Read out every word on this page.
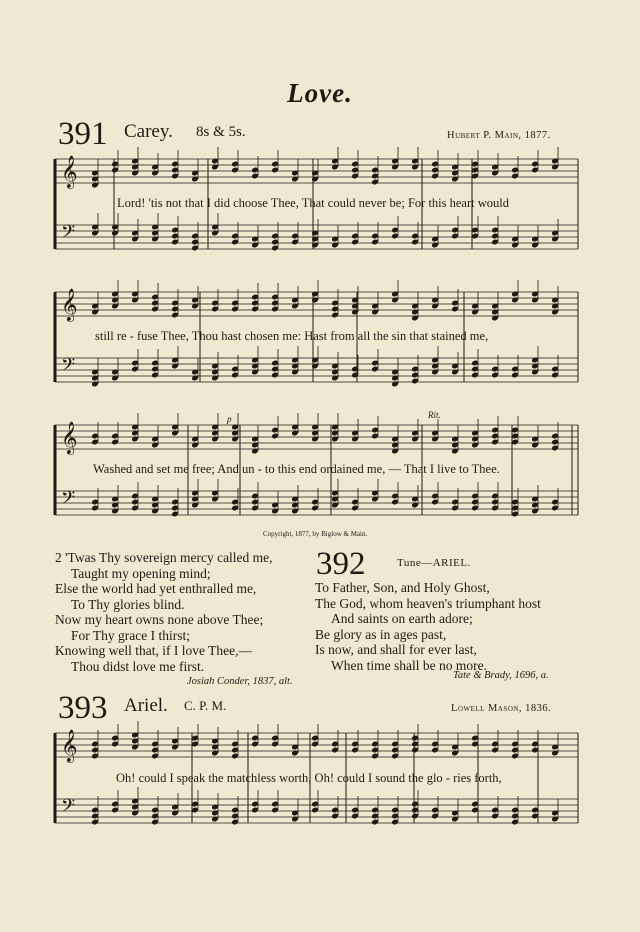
𝄞
𝄢
𝄞
𝄢
𝄞
𝄢
𝄞
𝄢
Love.
391 Carey. 8s & 5s.	Hubert P. Main, 1877.
Lord! 'tis not that I did choose Thee, That could never be; For this heart would
still re - fuse Thee, Thou hast chosen me: Hast from all the sin that stained me,
Rit.
p
Washed and set me free; And un - to this end ordained me, — That I live to Thee.
Copyright, 1877, by Biglow & Main.
2 'Twas Thy sovereign mercy called me,
Taught my opening mind;
Else the world had yet enthralled me,
To Thy glories blind.
Now my heart owns none above Thee;
For Thy grace I thirst;
Knowing well that, if I love Thee,—
Thou didst love me first.
Josiah Conder, 1837, alt.
392	Tune—ARIEL.
To Father, Son, and Holy Ghost,
The God, whom heaven's triumphant host
And saints on earth adore;
Be glory as in ages past,
Is now, and shall for ever last,
When time shall be no more.
Tate & Brady, 1696, a.
393 Ariel. C. P. M.	Lowell Mason, 1836.
Oh! could I speak the matchless worth, Oh! could I sound the glo - ries forth,
